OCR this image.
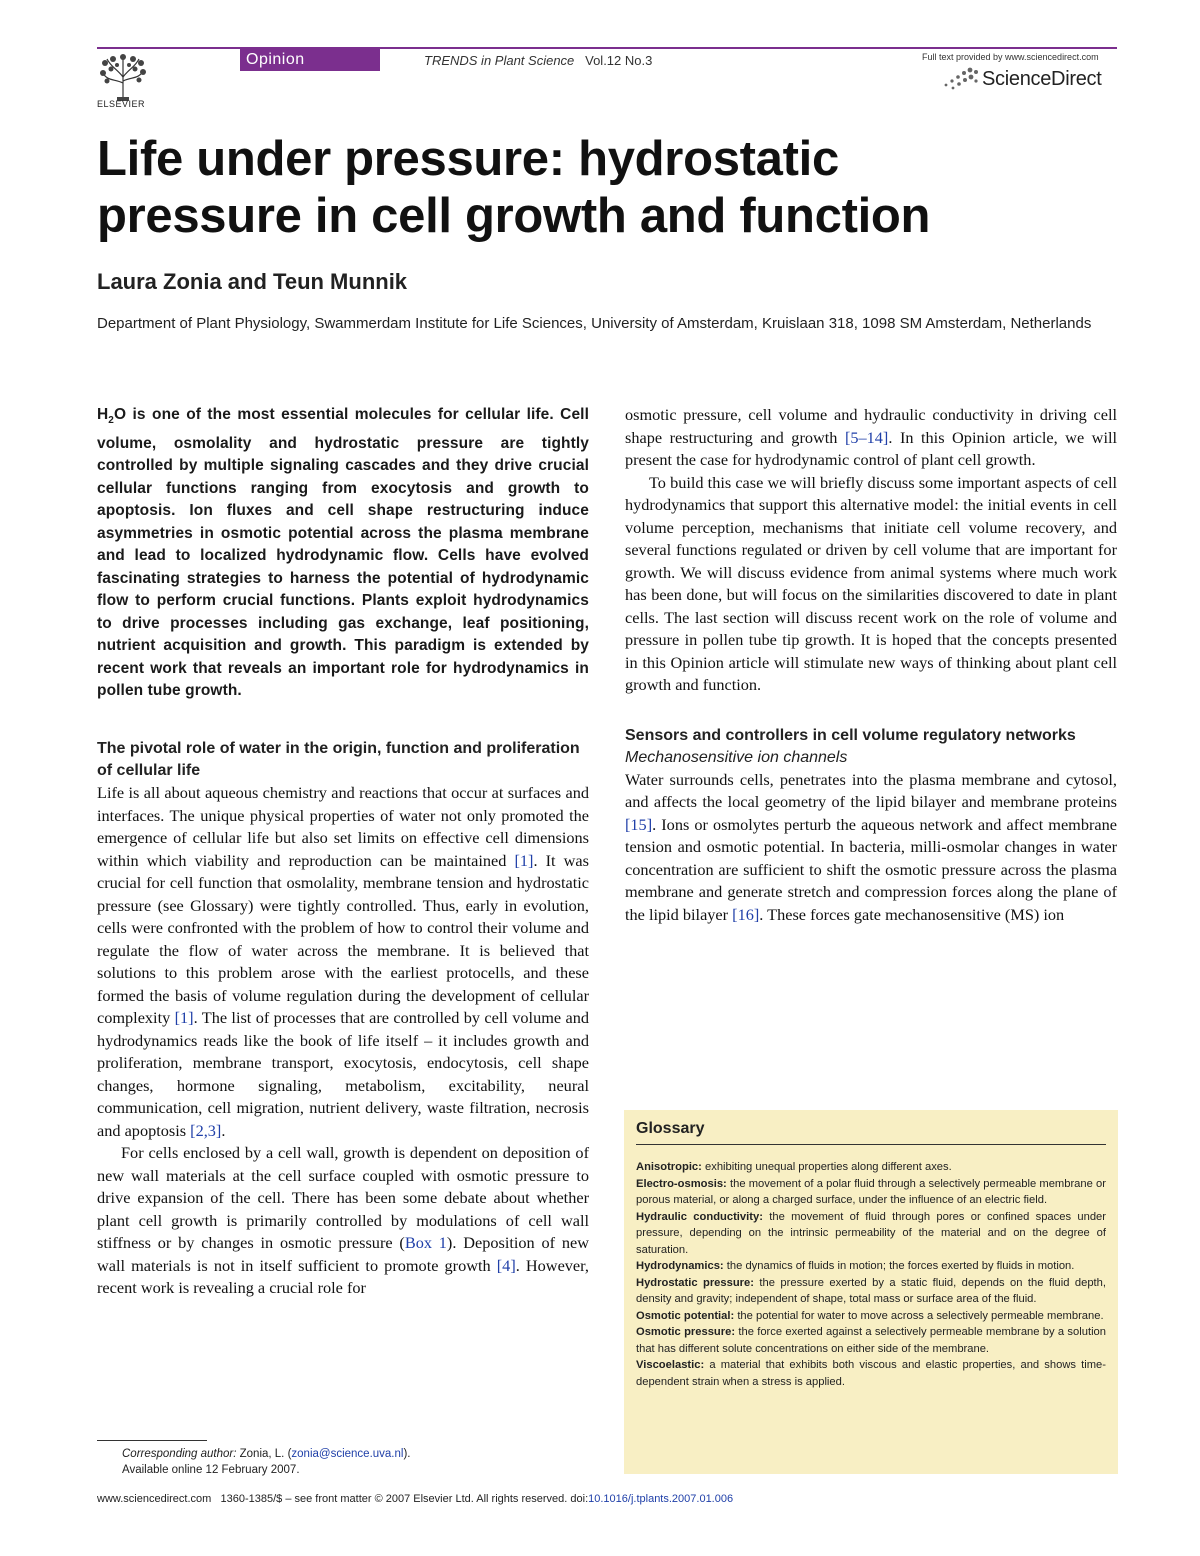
ELSEVIER
Opinion	TRENDS in Plant Science Vol.12 No.3	Full text provided by www.sciencedirect.com
ScienceDirect
Life under pressure: hydrostatic
pressure in cell growth and function
Laura Zonia and Teun Munnik
Department of Plant Physiology, Swammerdam Institute for Life Sciences, University of Amsterdam, Kruislaan 318, 1098 SM Amsterdam, Netherlands
$H_2O$ is one of the most essential molecules for cellular life. Cell volume, osmolality and hydrostatic pressure are tightly controlled by multiple signaling cascades and they drive crucial cellular functions ranging from exocytosis and growth to apoptosis. Ion fluxes and cell shape restructuring induce asymmetries in osmotic potential across the plasma membrane and lead to localized hydrodynamic flow. Cells have evolved fascinating strategies to harness the potential of hydrodynamic flow to perform crucial functions. Plants exploit hydrodynamics to drive processes including gas exchange, leaf positioning, nutrient acquisition and growth. This paradigm is extended by recent work that reveals an important role for hydrodynamics in pollen tube growth.
The pivotal role of water in the origin, function and proliferation of cellular life

Life is all about aqueous chemistry and reactions that occur at surfaces and interfaces. The unique physical properties of water not only promoted the emergence of cellular life but also set limits on effective cell dimensions within which viability and reproduction can be maintained [1]. It was crucial for cell function that osmolality, membrane tension and hydrostatic pressure (see Glossary) were tightly controlled. Thus, early in evolution, cells were confronted with the problem of how to control their volume and regulate the flow of water across the membrane. It is believed that solutions to this problem arose with the earliest protocells, and these formed the basis of volume regulation during the development of cellular complexity [1]. The list of processes that are controlled by cell volume and hydrodynamics reads like the book of life itself – it includes growth and proliferation, membrane transport, exocytosis, endocytosis, cell shape changes, hormone signaling, metabolism, excitability, neural communication, cell migration, nutrient delivery, waste filtration, necrosis and apoptosis [2,3].

For cells enclosed by a cell wall, growth is dependent on deposition of new wall materials at the cell surface coupled with osmotic pressure to drive expansion of the cell. There has been some debate about whether plant cell growth is primarily controlled by modulations of cell wall stiffness or by changes in osmotic pressure (Box 1). Deposition of new wall materials is not in itself sufficient to promote growth [4]. However, recent work is revealing a crucial role for

osmotic pressure, cell volume and hydraulic conductivity in driving cell shape restructuring and growth [5–14]. In this Opinion article, we will present the case for hydrodynamic control of plant cell growth.

To build this case we will briefly discuss some important aspects of cell hydrodynamics that support this alternative model: the initial events in cell volume perception, mechanisms that initiate cell volume recovery, and several functions regulated or driven by cell volume that are important for growth. We will discuss evidence from animal systems where much work has been done, but will focus on the similarities discovered to date in plant cells. The last section will discuss recent work on the role of volume and pressure in pollen tube tip growth. It is hoped that the concepts presented in this Opinion article will stimulate new ways of thinking about plant cell growth and function.

Sensors and controllers in cell volume regulatory networks
Mechanosensitive ion channels

Water surrounds cells, penetrates into the plasma membrane and cytosol, and affects the local geometry of the lipid bilayer and membrane proteins [15]. Ions or osmolytes perturb the aqueous network and affect membrane tension and osmotic potential. In bacteria, milli-osmolar changes in water concentration are sufficient to shift the osmotic pressure across the plasma membrane and generate stretch and compression forces along the plane of the lipid bilayer [16]. These forces gate mechanosensitive (MS) ion

Glossary

Anisotropic: exhibiting unequal properties along different axes.

Electro-osmosis: the movement of a polar fluid through a selectively permeable membrane or porous material, or along a charged surface, under the influence of an electric field.

Hydraulic conductivity: the movement of fluid through pores or confined spaces under pressure, depending on the intrinsic permeability of the material and on the degree of saturation.

Hydrodynamics: the dynamics of fluids in motion; the forces exerted by fluids in motion.

Hydrostatic pressure: the pressure exerted by a static fluid, depends on the fluid depth, density and gravity; independent of shape, total mass or surface area of the fluid.

Osmotic potential: the potential for water to move across a selectively permeable membrane.

Osmotic pressure: the force exerted against a selectively permeable membrane by a solution that has different solute concentrations on either side of the membrane.

Viscoelastic: a material that exhibits both viscous and elastic properties, and shows time-dependent strain when a stress is applied.

Corresponding author: Zonia, L. (zonia@science.uva.nl).
Available online 12 February 2007.
www.sciencedirect.com   1360-1385/$ – see front matter © 2007 Elsevier Ltd. All rights reserved. doi:10.1016/j.tplants.2007.01.006
